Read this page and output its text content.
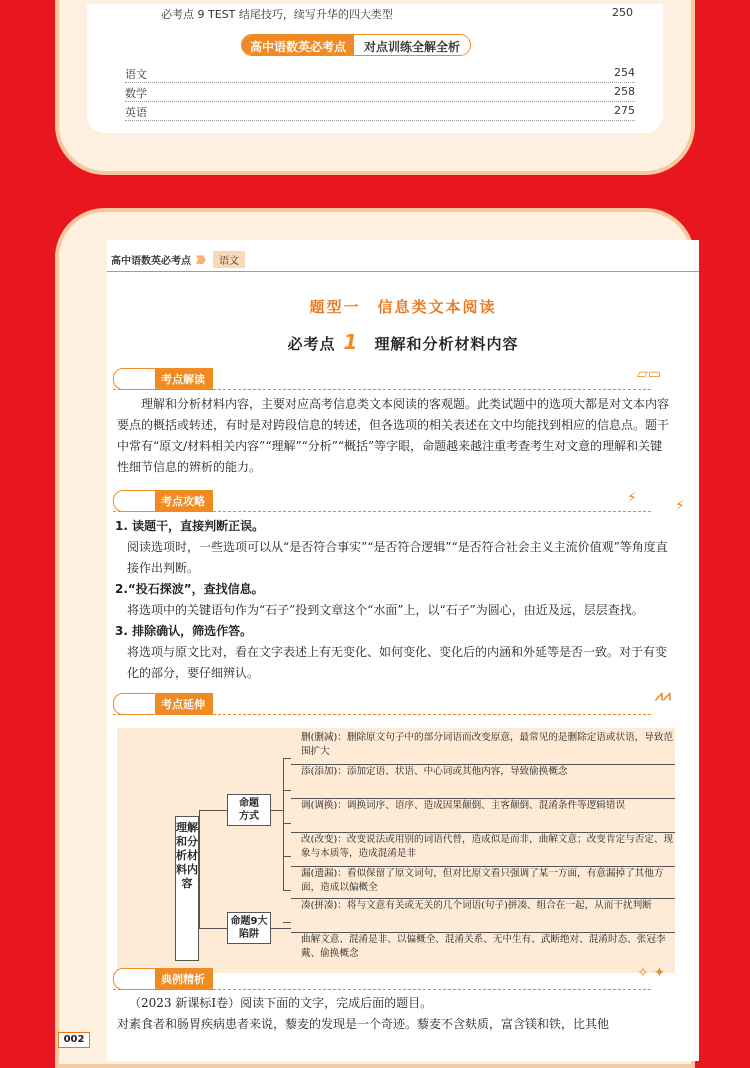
必考点 9 TEST 结尾技巧，续写升华的四大类型	250
高中语数英必考点	对点训练全解全析
语文	254
数学	258
英语	275
高中语数英必考点 》》》	语文
题型一　信息类文本阅读
必考点 1 理解和分析材料内容
考点解读	▱▭

理解和分析材料内容，主要对应高考信息类文本阅读的客观题。此类试题中的选项大都是对文本内容要点的概括或转述，有时是对跨段信息的转述，但各选项的相关表述在文中均能找到相应的信息点。题干中常有“原文/材料相关内容”“理解”“分析”“概括”等字眼，命题越来越注重考查考生对文意的理解和关键性细节信息的辨析的能力。

考点攻略	⚡	⚡
1. 读题干，直接判断正误。
阅读选项时，一些选项可以从“是否符合事实”“是否符合逻辑”“是否符合社会主义主流价值观”等角度直接作出判断。
2.“投石探波”，查找信息。
将选项中的关键语句作为“石子”投到文章这个“水面”上，以“石子”为圆心，由近及远，层层查找。
3. 排除确认，筛选作答。
将选项与原文比对，看在文字表述上有无变化、如何变化、变化后的内涵和外延等是否一致。对于有变化的部分，要仔细辨认。
考点延伸
⩘⩘
理解和分析材料内容
命题方式
命题9大陷阱
删(删减)：删除原文句子中的部分词语而改变原意，最常见的是删除定语或状语，导致范围扩大
添(添加)：添加定语、状语、中心词或其他内容，导致偷换概念
调(调换)：调换词序、语序、造成因果颠倒、主客颠倒、混淆条件等逻辑错误
改(改变)：改变说法或用别的词语代替，造成似是而非，曲解文意；改变肯定与否定、现象与本质等，造成混淆是非
漏(遗漏)：看似保留了原文词句，但对比原文看只强调了某一方面，有意漏掉了其他方面，造成以偏概全
凑(拼凑)：将与文意有关或无关的几个词语(句子)拼凑、组合在一起，从而干扰判断
曲解文意、混淆是非、以偏概全、混淆关系、无中生有、武断绝对、混淆时态、张冠李戴、偷换概念
典例精析	✧ ✦
（2023 新课标Ⅰ卷）阅读下面的文字，完成后面的题目。
对素食者和肠胃疾病患者来说，藜麦的发现是一个奇迹。藜麦不含麸质，富含镁和铁，比其他
002
